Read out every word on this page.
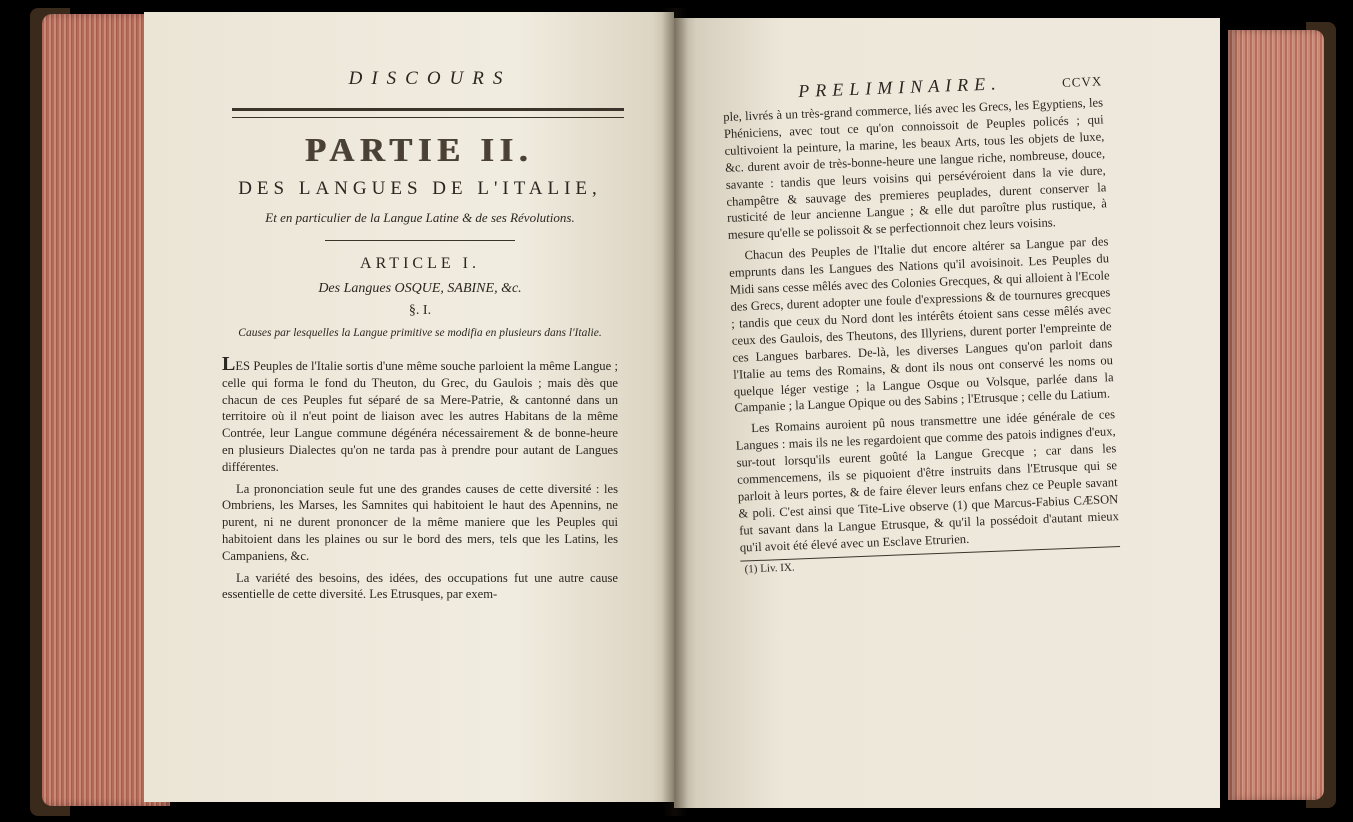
DISCOURS
PARTIE II.
DES LANGUES DE L'ITALIE,
Et en particulier de la Langue Latine & de ses Révolutions.
ARTICLE I.
Des Langues OSQUE, SABINE, &c.
§. I.
Causes par lesquelles la Langue primitive se modifia en plusieurs dans l'Italie.

LES Peuples de l'Italie sortis d'une même souche parloient la même Langue ; celle qui forma le fond du Theuton, du Grec, du Gaulois ; mais dès que chacun de ces Peuples fut séparé de sa Mere-Patrie, & cantonné dans un territoire où il n'eut point de liaison avec les autres Habitans de la même Contrée, leur Langue commune dégénéra nécessairement & de bonne-heure en plusieurs Dialectes qu'on ne tarda pas à prendre pour autant de Langues différentes.

La prononciation seule fut une des grandes causes de cette diversité : les Ombriens, les Marses, les Samnites qui habitoient le haut des Apennins, ne purent, ni ne durent prononcer de la même maniere que les Peuples qui habitoient dans les plaines ou sur le bord des mers, tels que les Latins, les Campaniens, &c.

La variété des besoins, des idées, des occupations fut une autre cause essentielle de cette diversité. Les Etrusques, par exem-

PRELIMINAIRE.	CCVX

ple, livrés à un très-grand commerce, liés avec les Grecs, les Egyptiens, les Phéniciens, avec tout ce qu'on connoissoit de Peuples policés ; qui cultivoient la peinture, la marine, les beaux Arts, tous les objets de luxe, &c. durent avoir de très-bonne-heure une langue riche, nombreuse, douce, savante : tandis que leurs voisins qui persévéroient dans la vie dure, champêtre & sauvage des premieres peuplades, durent conserver la rusticité de leur ancienne Langue ; & elle dut paroître plus rustique, à mesure qu'elle se polissoit & se perfectionnoit chez leurs voisins.

Chacun des Peuples de l'Italie dut encore altérer sa Langue par des emprunts dans les Langues des Nations qu'il avoisinoit. Les Peuples du Midi sans cesse mêlés avec des Colonies Grecques, & qui alloient à l'Ecole des Grecs, durent adopter une foule d'expressions & de tournures grecques ; tandis que ceux du Nord dont les intérêts étoient sans cesse mêlés avec ceux des Gaulois, des Theutons, des Illyriens, durent porter l'empreinte de ces Langues barbares. De-là, les diverses Langues qu'on parloit dans l'Italie au tems des Romains, & dont ils nous ont conservé les noms ou quelque léger vestige ; la Langue Osque ou Volsque, parlée dans la Campanie ; la Langue Opique ou des Sabins ; l'Etrusque ; celle du Latium.

Les Romains auroient pû nous transmettre une idée générale de ces Langues : mais ils ne les regardoient que comme des patois indignes d'eux, sur-tout lorsqu'ils eurent goûté la Langue Grecque ; car dans les commencemens, ils se piquoient d'être instruits dans l'Etrusque qui se parloit à leurs portes, & de faire élever leurs enfans chez ce Peuple savant & poli. C'est ainsi que Tite-Live observe (1) que Marcus-Fabius CÆSON fut savant dans la Langue Etrusque, & qu'il la possédoit d'autant mieux qu'il avoit été élevé avec un Esclave Etrurien.

(1) Liv. IX.
